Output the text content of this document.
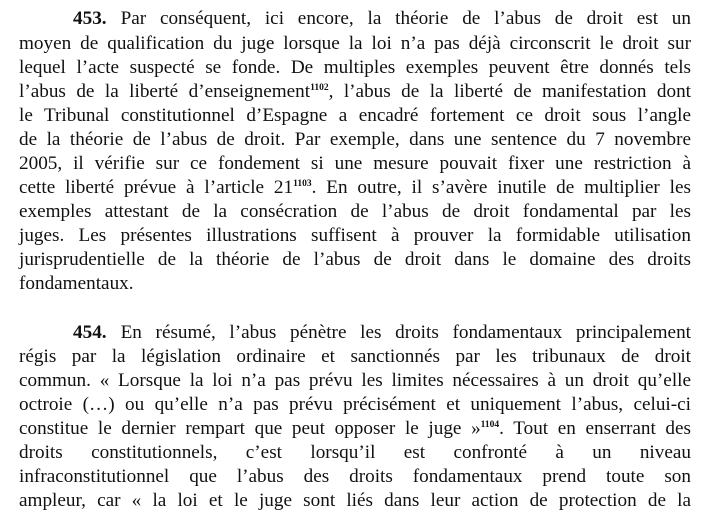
453. Par conséquent, ici encore, la théorie de l’abus de droit est un
moyen de qualification du juge lorsque la loi n’a pas déjà circonscrit le droit sur
lequel l’acte suspecté se fonde. De multiples exemples peuvent être donnés tels
l’abus de la liberté d’enseignement$^{1102}$, l’abus de la liberté de manifestation dont
le Tribunal constitutionnel d’Espagne a encadré fortement ce droit sous l’angle
de la théorie de l’abus de droit. Par exemple, dans une sentence du 7 novembre
2005, il vérifie sur ce fondement si une mesure pouvait fixer une restriction à
cette liberté prévue à l’article 21$^{1103}$. En outre, il s’avère inutile de multiplier les
exemples attestant de la consécration de l’abus de droit fondamental par les
juges. Les présentes illustrations suffisent à prouver la formidable utilisation
jurisprudentielle de la théorie de l’abus de droit dans le domaine des droits
fondamentaux.
454. En résumé, l’abus pénètre les droits fondamentaux principalement
régis par la législation ordinaire et sanctionnés par les tribunaux de droit
commun. « Lorsque la loi n’a pas prévu les limites nécessaires à un droit qu’elle
octroie (…) ou qu’elle n’a pas prévu précisément et uniquement l’abus, celui-ci
constitue le dernier rempart que peut opposer le juge »$^{1104}$. Tout en enserrant des
droits constitutionnels, c’est lorsqu’il est confronté à un niveau
infraconstitutionnel que l’abus des droits fondamentaux prend toute son
ampleur, car « la loi et le juge sont liés dans leur action de protection de la
